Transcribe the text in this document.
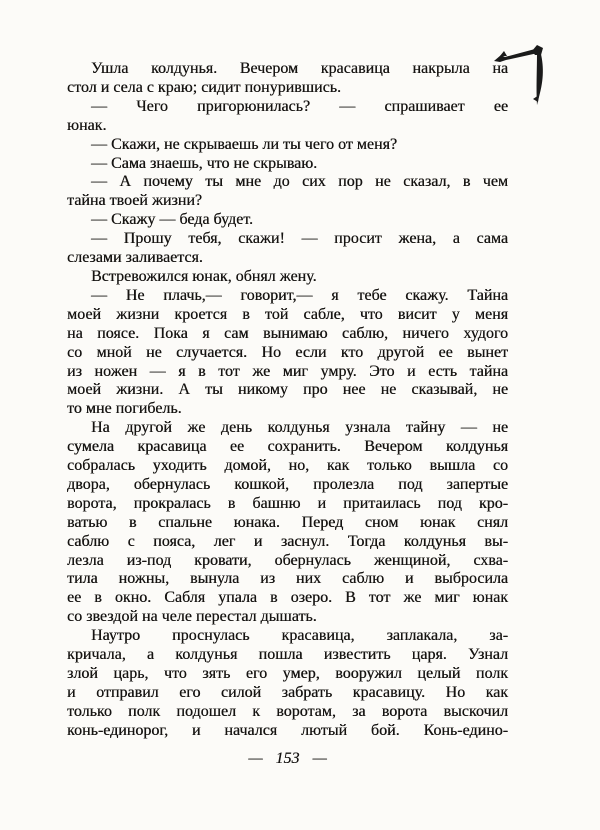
Ушла колдунья. Вечером красавица накрыла на
стол и села с краю; сидит понурившись.
— Чего пригорюнилась? — спрашивает ее
юнак.
— Скажи, не скрываешь ли ты чего от меня?
— Сама знаешь, что не скрываю.
— А почему ты мне до сих пор не сказал, в чем
тайна твоей жизни?
— Скажу — беда будет.
— Прошу тебя, скажи! — просит жена, а сама
слезами заливается.
Встревожился юнак, обнял жену.
— Не плачь,— говорит,— я тебе скажу. Тайна
моей жизни кроется в той сабле, что висит у меня
на поясе. Пока я сам вынимаю саблю, ничего худого
со мной не случается. Но если кто другой ее вынет
из ножен — я в тот же миг умру. Это и есть тайна
моей жизни. А ты никому про нее не сказывай, не
то мне погибель.
На другой же день колдунья узнала тайну — не
сумела красавица ее сохранить. Вечером колдунья
собралась уходить домой, но, как только вышла со
двора, обернулась кошкой, пролезла под запертые
ворота, прокралась в башню и притаилась под кро-
ватью в спальне юнака. Перед сном юнак снял
саблю с пояса, лег и заснул. Тогда колдунья вы-
лезла из-под кровати, обернулась женщиной, схва-
тила ножны, вынула из них саблю и выбросила
ее в окно. Сабля упала в озеро. В тот же миг юнак
со звездой на челе перестал дышать.
Наутро проснулась красавица, заплакала, за-
кричала, а колдунья пошла известить царя. Узнал
злой царь, что зять его умер, вооружил целый полк
и отправил его силой забрать красавицу. Но как
только полк подошел к воротам, за ворота выскочил
конь-единорог, и начался лютый бой. Конь-едино-
— 153 —
